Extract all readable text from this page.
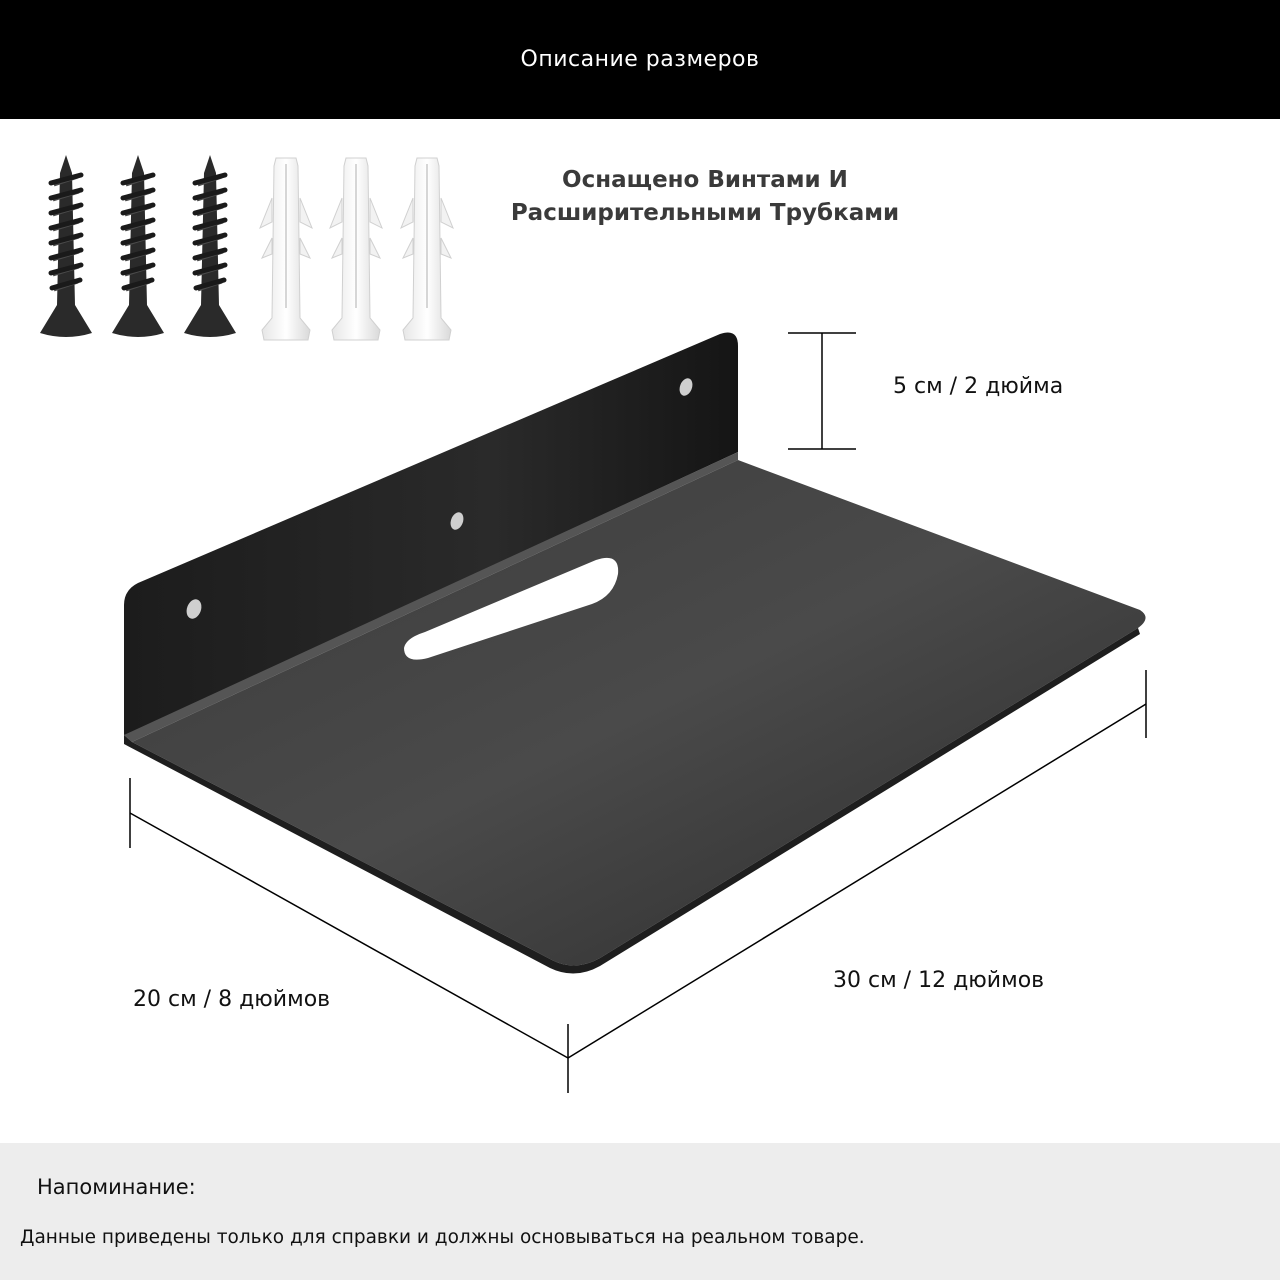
Описание размеров
Оснащено Винтами И
Расширительными Трубками
5 см / 2 дюйма
20 см / 8 дюймов
30 см / 12 дюймов
Напоминание:
Данные приведены только для справки и должны основываться на реальном товаре.
